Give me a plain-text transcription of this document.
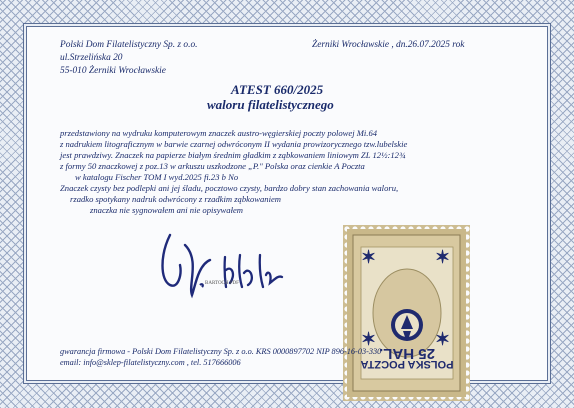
Polski Dom Filatelistyczny Sp. z o.o.
ul.Strzelińska 20
55-010 Żerniki Wrocławskie
Żerniki Wrocławskie , dn.26.07.2025 rok
ATEST 660/2025
waloru filatelistycznego
przedstawiony na wydruku komputerowym znaczek austro-węgierskiej poczty polowej Mi.64
z nadrukiem litograficznym w barwie czarnej odwróconym II wydania prowizorycznego tzw.lubelskie
jest prawdziwy. Znaczek na papierze białym średnim gładkim z ząbkowaniem liniowym ZL 12½:12¾
z formy 50 znaczkowej z poz.13 w arkuszu uszkodzone „P." Polska oraz cienkie A Poczta
w katalogu Fischer TOM I wyd.2025 fi.23 b No
Znaczek czysty bez podlepki ani jej śladu, pocztowo czysty, bardzo dobry stan zachowania waloru,
rzadko spotykany nadruk odwrócony z rzadkim ząbkowaniem
znaczka nie sygnowałem ani nie opisywałem
BARTOCH PDF
✶	✶
✶	✶
25 HAL.
POLSKA POCZTA
gwarancja firmowa - Polski Dom Filatelistyczny Sp. z o.o. KRS 0000897702 NIP 896-16-03-330
email: info@sklep-filatelistyczny.com , tel. 517666006
